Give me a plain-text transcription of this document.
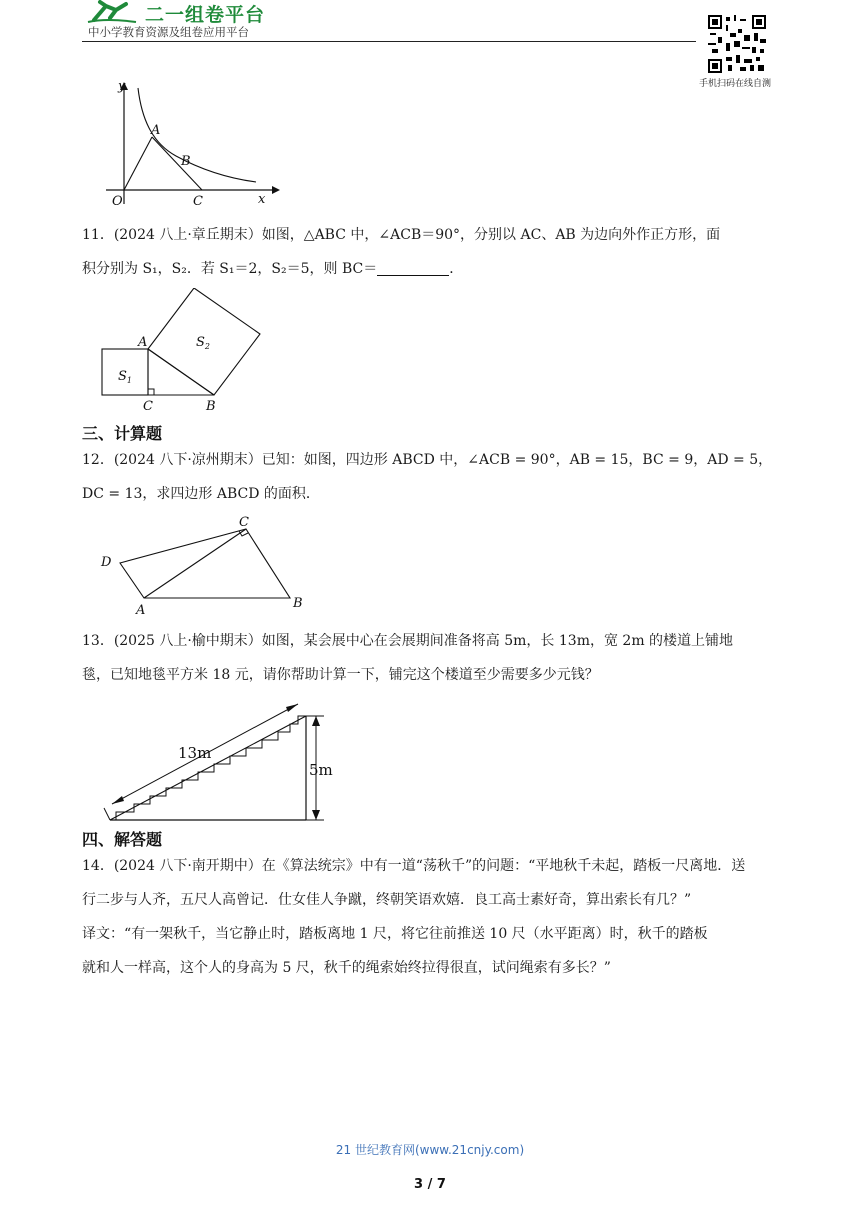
二一组卷平台
中小学教育资源及组卷应用平台
手机扫码在线自测
y
x
O
A
B
C
11．(2024 八上·章丘期末）如图，△ABC 中，∠ACB＝90°，分别以 AC、AB 为边向外作正方形，面
积分别为 S₁，S₂．若 S₁＝2，S₂＝5，则 BC＝	．
A
B
C
$S_1$
$S_2$
三、计算题
12．(2024 八下·凉州期末）已知：如图，四边形 ABCD 中，∠ACB = 90°，AB = 15，BC = 9，AD = 5，
DC = 13，求四边形 ABCD 的面积．
D
C
A	B
13．(2025 八上·榆中期末）如图，某会展中心在会展期间准备将高 5m，长 13m，宽 2m 的楼道上铺地
毯，已知地毯平方米 18 元，请你帮助计算一下，铺完这个楼道至少需要多少元钱？
13m
5m
四、解答题
14．(2024 八下·南开期中）在《算法统宗》中有一道“荡秋千”的问题：“平地秋千未起，踏板一尺离地．送
行二步与人齐，五尺人高曾记．仕女佳人争蹴，终朝笑语欢嬉．良工高士素好奇，算出索长有几？”
译文：“有一架秋千，当它静止时，踏板离地 1 尺，将它往前推送 10 尺（水平距离）时，秋千的踏板
就和人一样高，这个人的身高为 5 尺，秋千的绳索始终拉得很直，试问绳索有多长？”
21 世纪教育网(www.21cnjy.com)
3 / 7
